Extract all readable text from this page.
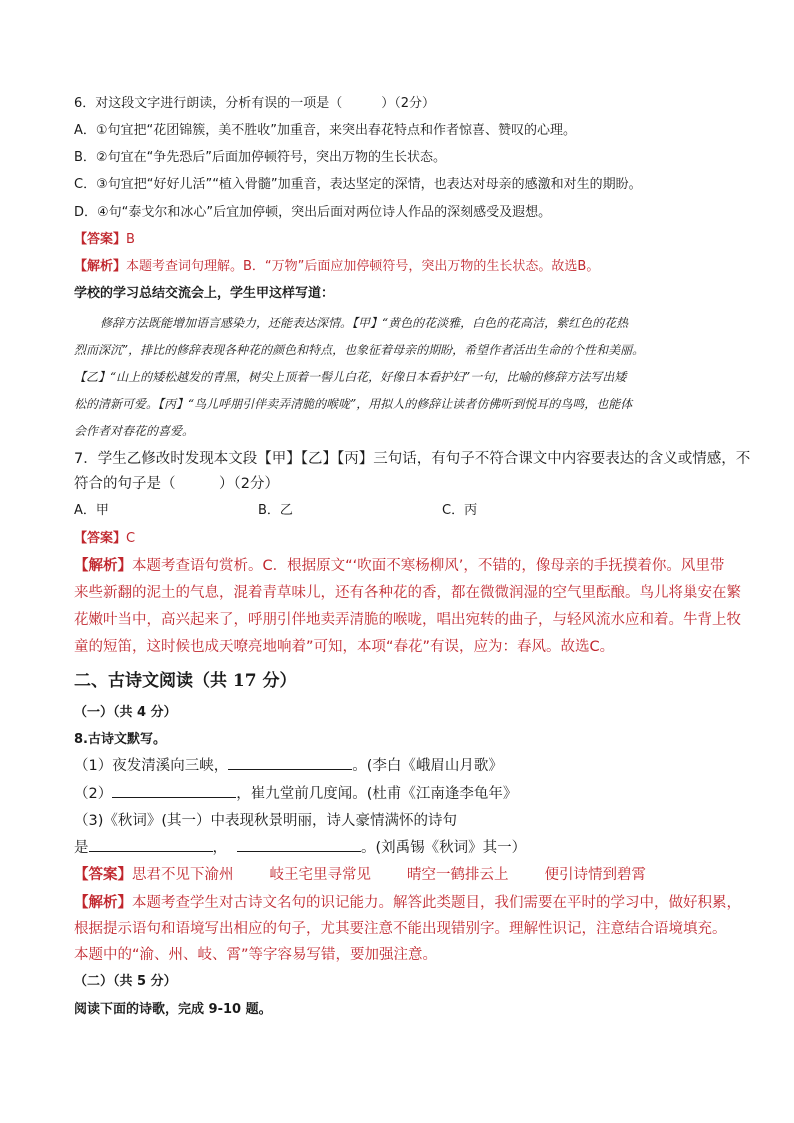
6．对这段文字进行朗读，分析有误的一项是（　　　）（2分）
A．①句宜把“花团锦簇，美不胜收”加重音，来突出春花特点和作者惊喜、赞叹的心理。
B．②句宜在“争先恐后”后面加停顿符号，突出万物的生长状态。
C．③句宜把“好好儿活”“植入骨髓”加重音，表达坚定的深情，也表达对母亲的感激和对生的期盼。
D．④句“泰戈尔和冰心”后宜加停顿，突出后面对两位诗人作品的深刻感受及遐想。
【答案】B
【解析】本题考查词句理解。B．“万物”后面应加停顿符号，突出万物的生长状态。故选B。
学校的学习总结交流会上，学生甲这样写道：
修辞方法既能增加语言感染力，还能表达深情。【甲】“黄色的花淡雅，白色的花高洁，紫红色的花热
烈而深沉”，排比的修辞表现各种花的颜色和特点，也象征着母亲的期盼，希望作者活出生命的个性和美丽。
【乙】“山上的矮松越发的青黑，树尖上顶着一髻儿白花，好像日本看护妇”一句，比喻的修辞方法写出矮
松的清新可爱。【丙】“鸟儿呼朋引伴卖弄清脆的喉咙”，用拟人的修辞让读者仿佛听到悦耳的鸟鸣，也能体
会作者对春花的喜爱。
7．学生乙修改时发现本文段【甲】【乙】【丙】三句话，有句子不符合课文中内容要表达的含义或情感，不
符合的句子是（　　　）（2分）
A．甲	B．乙	C．丙
【答案】C
【解析】本题考查语句赏析。C．根据原文“‘吹面不寒杨柳风’，不错的，像母亲的手抚摸着你。风里带
来些新翻的泥土的气息，混着青草味儿，还有各种花的香，都在微微润湿的空气里酝酿。鸟儿将巢安在繁
花嫩叶当中，高兴起来了，呼朋引伴地卖弄清脆的喉咙，唱出宛转的曲子，与轻风流水应和着。牛背上牧
童的短笛，这时候也成天嘹亮地响着”可知，本项“春花”有误，应为：春风。故选C。
二、古诗文阅读（共 17 分）
（一）（共 4 分）
8.古诗文默写。
（1）夜发清溪向三峡，	。(李白《峨眉山月歌》
（2）	，崔九堂前几度闻。(杜甫《江南逢李龟年》
（3)《秋词》(其一）中表现秋景明丽，诗人豪情满怀的诗句
是	，	。(刘禹锡《秋词》其一）
【答案】思君不见下渝州 岐王宅里寻常见 晴空一鹤排云上 便引诗情到碧霄
【解析】本题考查学生对古诗文名句的识记能力。解答此类题目，我们需要在平时的学习中，做好积累，
根据提示语句和语境写出相应的句子，尤其要注意不能出现错别字。理解性识记，注意结合语境填充。
本题中的“渝、州、岐、霄”等字容易写错，要加强注意。
（二）（共 5 分）
阅读下面的诗歌，完成 9-10 题。
